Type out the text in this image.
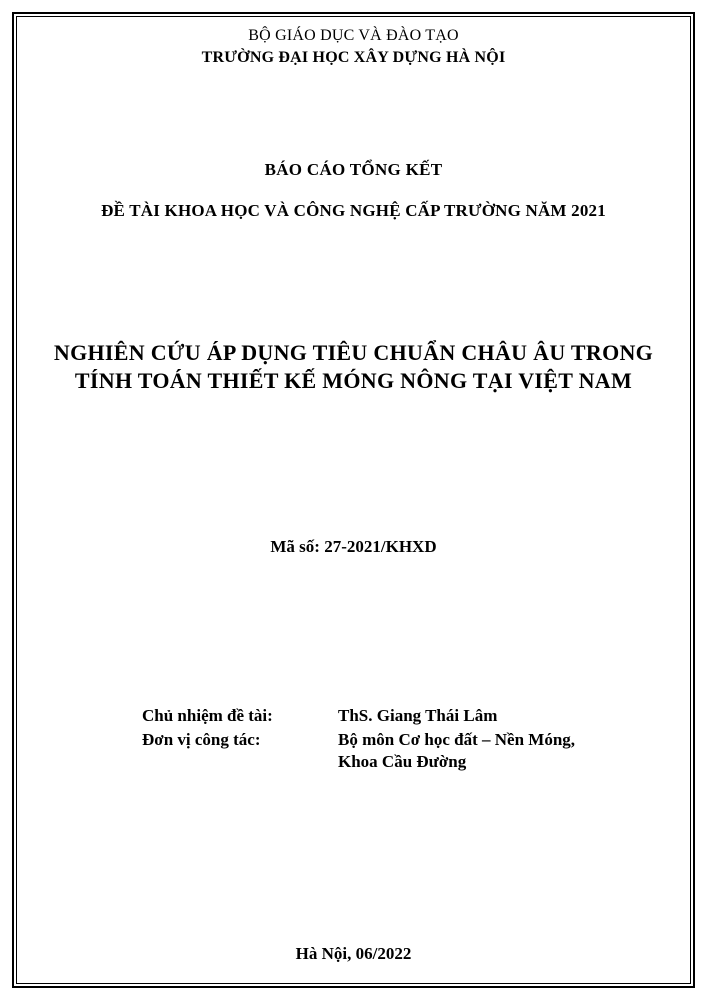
BỘ GIÁO DỤC VÀ ĐÀO TẠO
TRƯỜNG ĐẠI HỌC XÂY DỰNG HÀ NỘI
BÁO CÁO TỔNG KẾT
ĐỀ TÀI KHOA HỌC VÀ CÔNG NGHỆ CẤP TRƯỜNG NĂM 2021
NGHIÊN CỨU ÁP DỤNG TIÊU CHUẨN CHÂU ÂU TRONG
TÍNH TOÁN THIẾT KẾ MÓNG NÔNG TẠI VIỆT NAM
Mã số: 27-2021/KHXD
Chủ nhiệm đề tài:	ThS. Giang Thái Lâm
Đơn vị công tác:	Bộ môn Cơ học đất – Nền Móng,
Khoa Cầu Đường
Hà Nội, 06/2022
